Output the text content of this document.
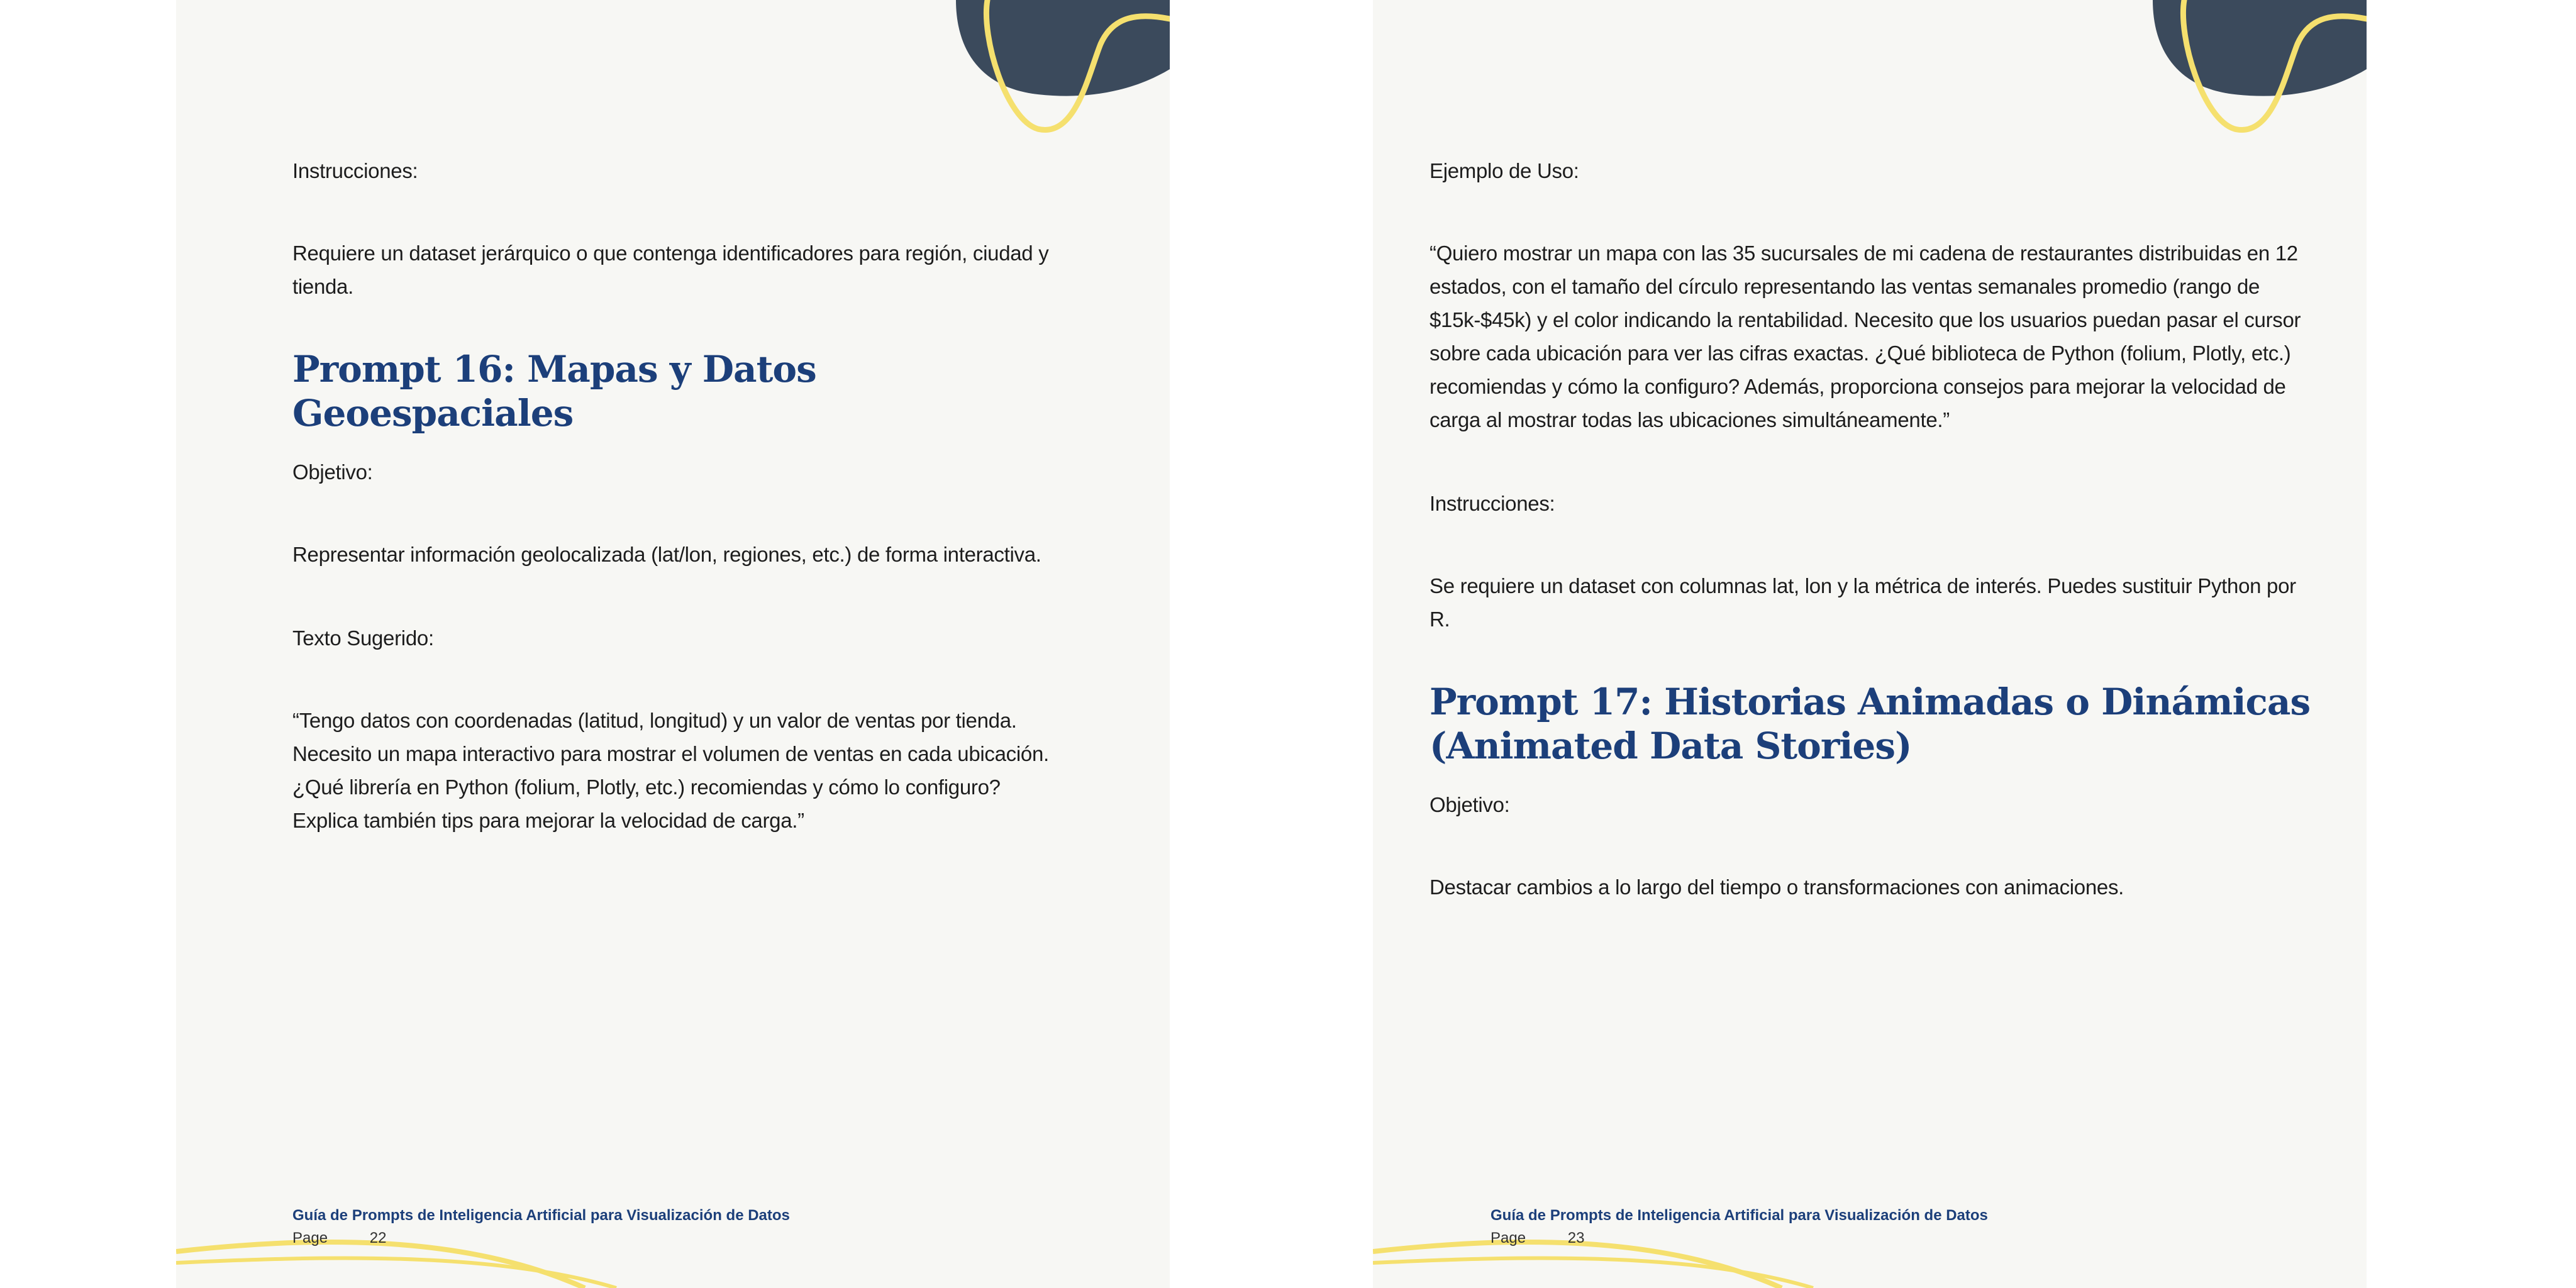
Instrucciones:

Requiere un dataset jerárquico o que contenga identificadores para región, ciudad y tienda.

Prompt 16: Mapas y Datos Geoespaciales

Objetivo:

Representar información geolocalizada (lat/lon, regiones, etc.) de forma interactiva.

Texto Sugerido:

“Tengo datos con coordenadas (latitud, longitud) y un valor de ventas por tienda. Necesito un mapa interactivo para mostrar el volumen de ventas en cada ubicación. ¿Qué librería en Python (folium, Plotly, etc.) recomiendas y cómo lo configuro? Explica también tips para mejorar la velocidad de carga.”

Guía de Prompts de Inteligencia Artificial para Visualización de Datos
Page	22

Ejemplo de Uso:

“Quiero mostrar un mapa con las 35 sucursales de mi cadena de restaurantes distribuidas en 12 estados, con el tamaño del círculo representando las ventas semanales promedio (rango de $15k-$45k) y el color indicando la rentabilidad. Necesito que los usuarios puedan pasar el cursor sobre cada ubicación para ver las cifras exactas. ¿Qué biblioteca de Python (folium, Plotly, etc.) recomiendas y cómo la configuro? Además, proporciona consejos para mejorar la velocidad de carga al mostrar todas las ubicaciones simultáneamente.”

Instrucciones:

Se requiere un dataset con columnas lat, lon y la métrica de interés. Puedes sustituir Python por R.

Prompt 17: Historias Animadas o Dinámicas (Animated Data Stories)

Objetivo:

Destacar cambios a lo largo del tiempo o transformaciones con animaciones.

Guía de Prompts de Inteligencia Artificial para Visualización de Datos
Page	23
